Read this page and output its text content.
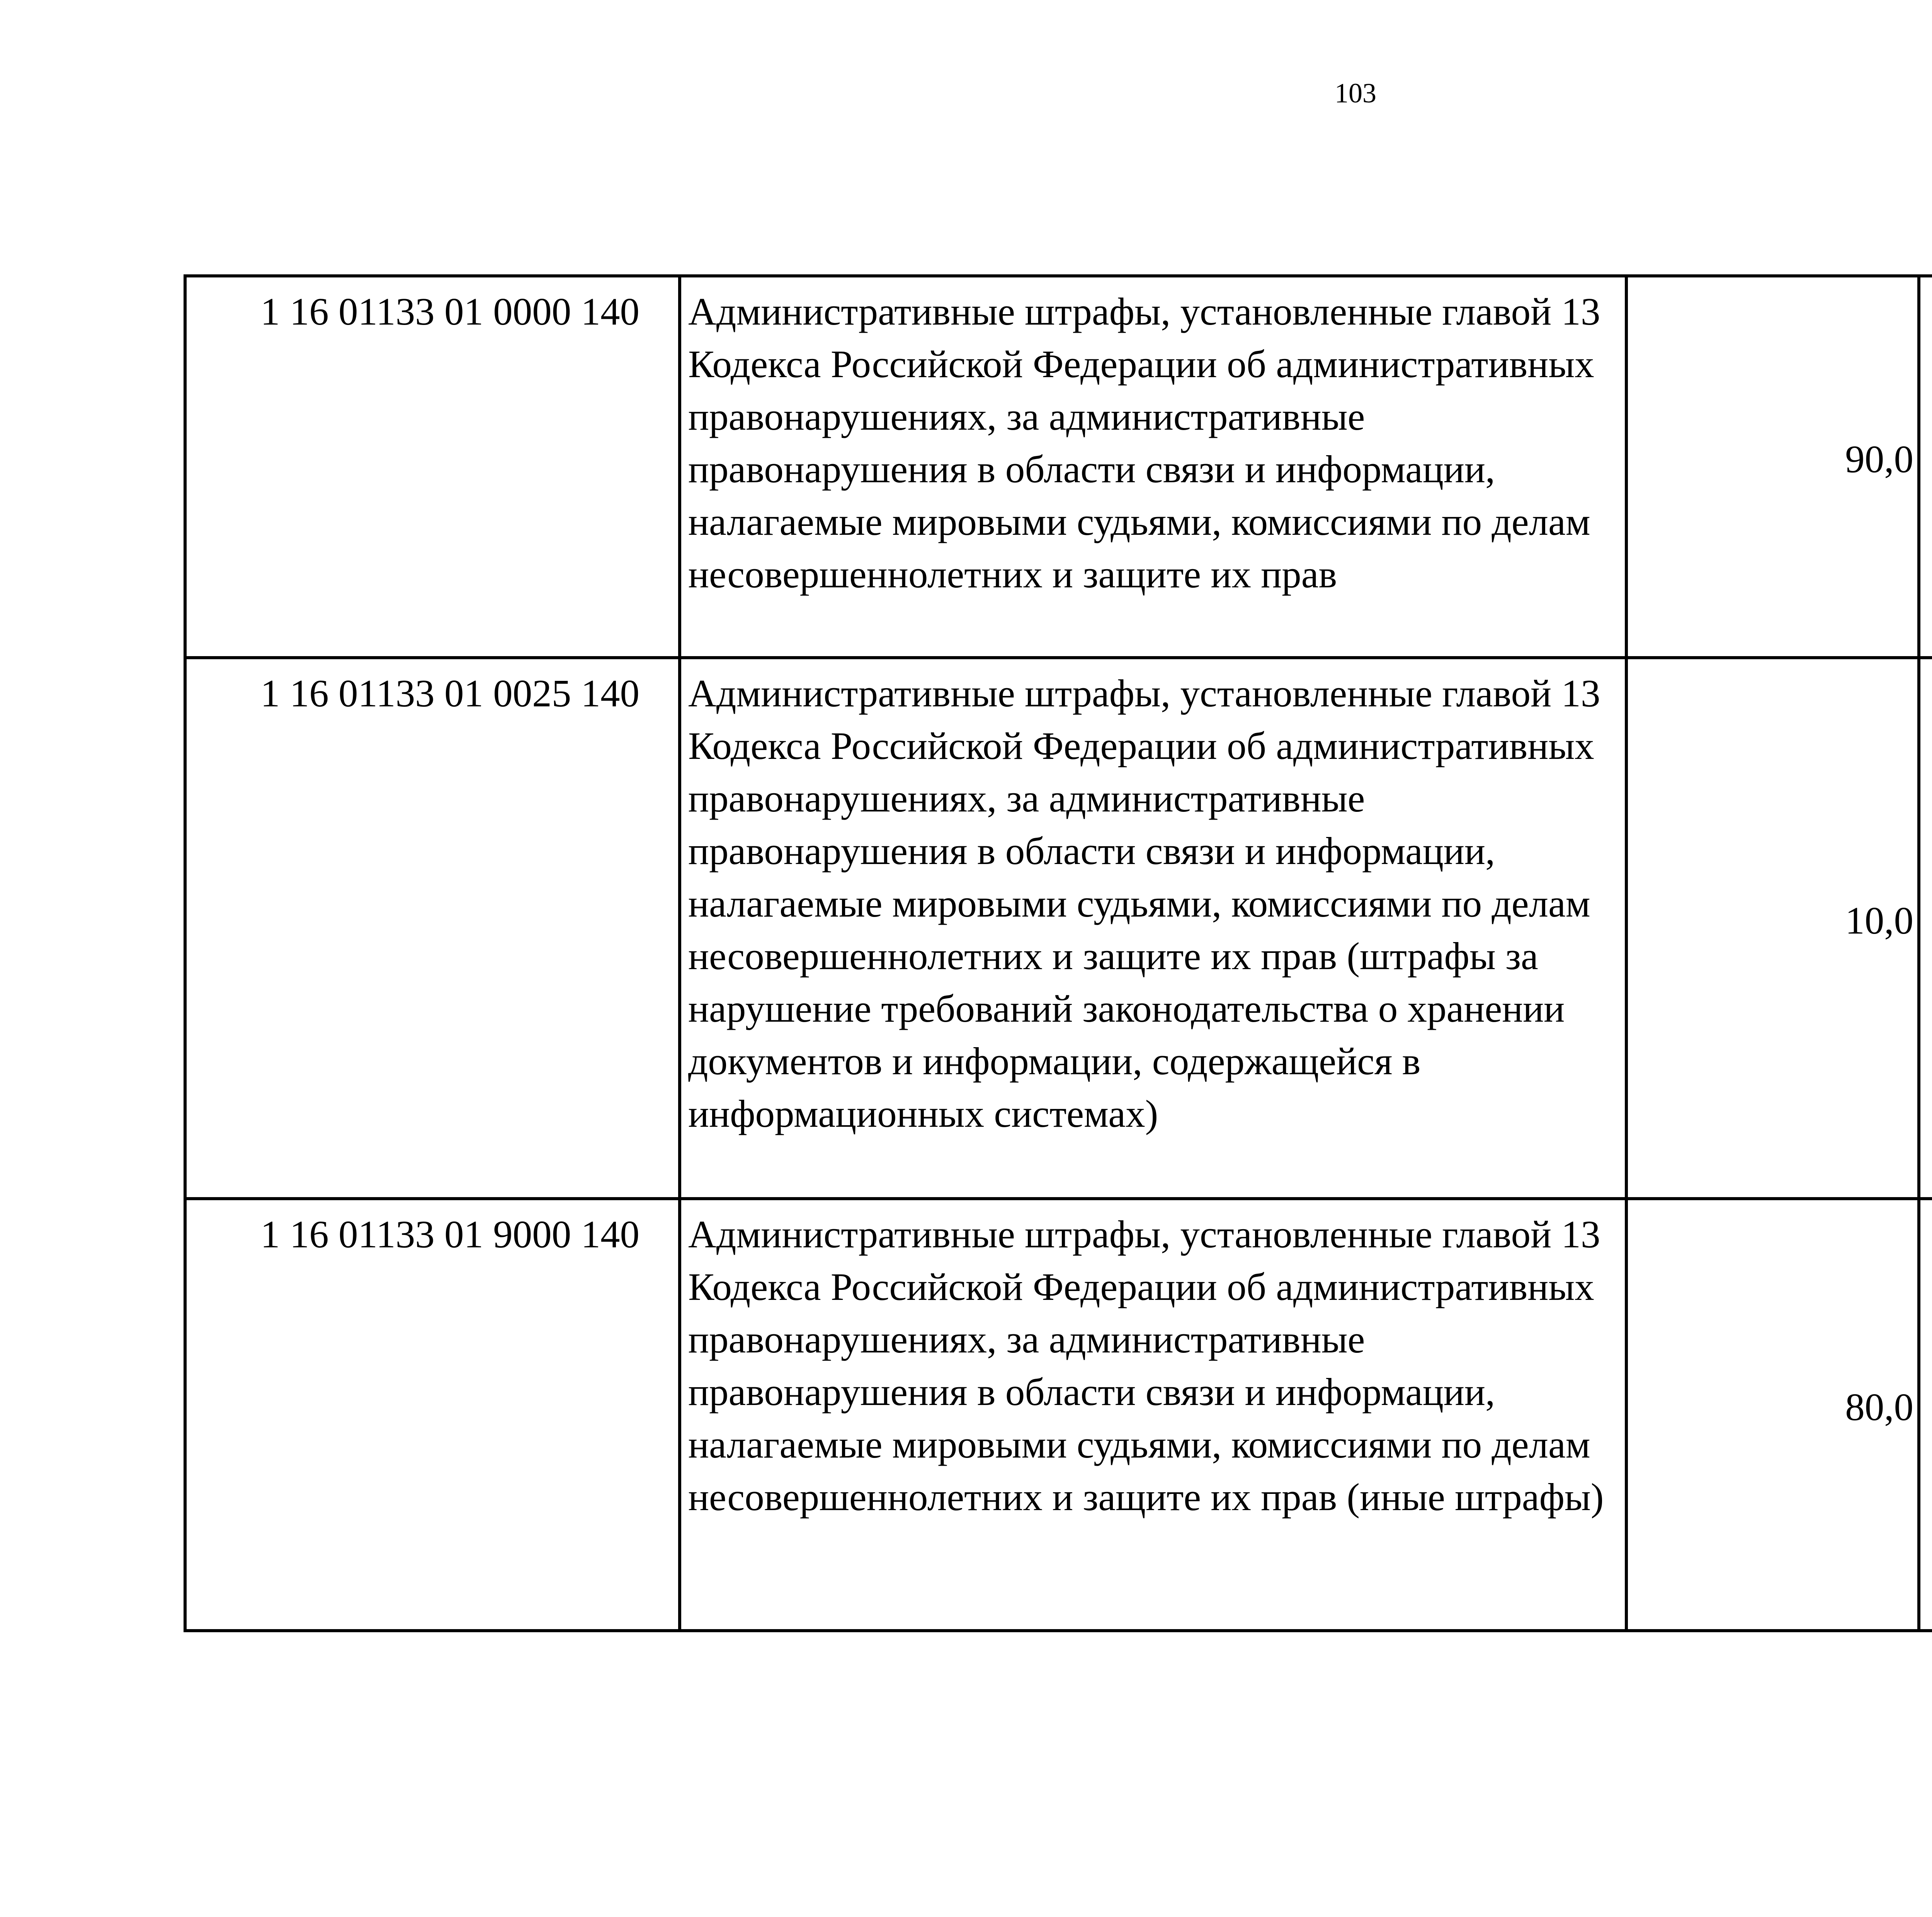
103
1 16 01133 01 0000 140	Административные штрафы, установленные главой 13 Кодекса Российской Федерации об административных правонарушениях, за административные правонарушения в области связи и информации, налагаемые мировыми судьями, комиссиями по делам несовершеннолетних и защите их прав	90,0		
1 16 01133 01 0025 140	Административные штрафы, установленные главой 13 Кодекса Российской Федерации об административных правонарушениях, за административные правонарушения в области связи и информации, налагаемые мировыми судьями, комиссиями по делам несовершеннолетних и защите их прав (штрафы за нарушение требований законодательства о хранении документов и информации, содержащейся в информационных системах)	10,0		
1 16 01133 01 9000 140	Административные штрафы, установленные главой 13 Кодекса Российской Федерации об административных правонарушениях, за административные правонарушения в области связи и информации, налагаемые мировыми судьями, комиссиями по делам несовершеннолетних и защите их прав (иные штрафы)	80,0		
